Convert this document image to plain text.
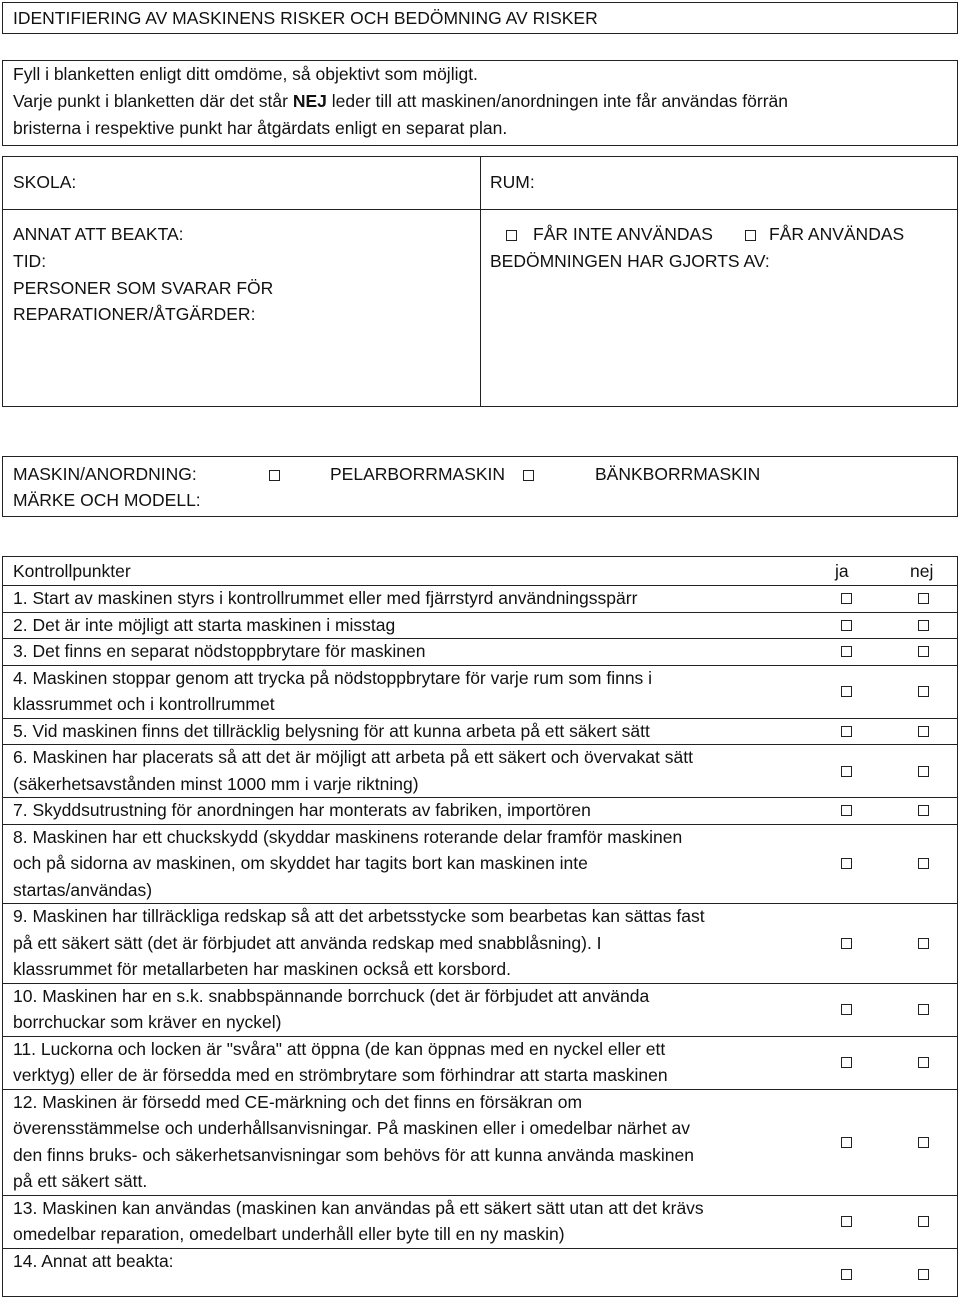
IDENTIFIERING AV MASKINENS RISKER OCH BEDÖMNING AV RISKER
Fyll i blanketten enligt ditt omdöme, så objektivt som möjligt.
Varje punkt i blanketten där det står NEJ leder till att maskinen/anordningen inte får användas förrän
bristerna i respektive punkt har åtgärdats enligt en separat plan.
SKOLA:	RUM:
ANNAT ATT BEAKTA:
TID:
PERSONER SOM SVARAR FÖR
REPARATIONER/ÅTGÄRDER:
FÅR INTE ANVÄNDAS	FÅR ANVÄNDAS
BEDÖMNINGEN HAR GJORTS AV:
MASKIN/ANORDNING:	PELARBORRMASKIN	BÄNKBORRMASKIN
MÄRKE OCH MODELL:
Kontrollpunkter	ja	nej
1. Start av maskinen styrs i kontrollrummet eller med fjärrstyrd användningsspärr
2. Det är inte möjligt att starta maskinen i misstag
3. Det finns en separat nödstoppbrytare för maskinen
4. Maskinen stoppar genom att trycka på nödstoppbrytare för varje rum som finns i
klassrummet och i kontrollrummet
5. Vid maskinen finns det tillräcklig belysning för att kunna arbeta på ett säkert sätt
6. Maskinen har placerats så att det är möjligt att arbeta på ett säkert och övervakat sätt
(säkerhetsavstånden minst 1000 mm i varje riktning)
7. Skyddsutrustning för anordningen har monterats av fabriken, importören
8. Maskinen har ett chuckskydd (skyddar maskinens roterande delar framför maskinen
och på sidorna av maskinen, om skyddet har tagits bort kan maskinen inte
startas/användas)
9. Maskinen har tillräckliga redskap så att det arbetsstycke som bearbetas kan sättas fast
på ett säkert sätt (det är förbjudet att använda redskap med snabblåsning). I
klassrummet för metallarbeten har maskinen också ett korsbord.
10. Maskinen har en s.k. snabbspännande borrchuck (det är förbjudet att använda
borrchuckar som kräver en nyckel)
11. Luckorna och locken är "svåra" att öppna (de kan öppnas med en nyckel eller ett
verktyg) eller de är försedda med en strömbrytare som förhindrar att starta maskinen
12. Maskinen är försedd med CE-märkning och det finns en försäkran om
överensstämmelse och underhållsanvisningar. På maskinen eller i omedelbar närhet av
den finns bruks- och säkerhetsanvisningar som behövs för att kunna använda maskinen
på ett säkert sätt.
13. Maskinen kan användas (maskinen kan användas på ett säkert sätt utan att det krävs
omedelbar reparation, omedelbart underhåll eller byte till en ny maskin)
14. Annat att beakta:
